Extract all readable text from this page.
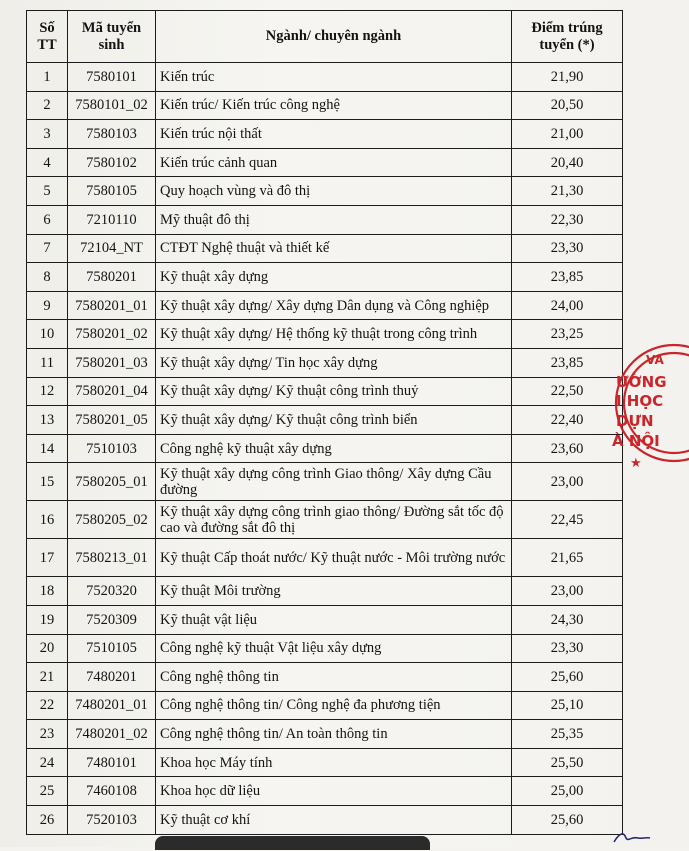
Số TT	Mã tuyển sinh	Ngành/ chuyên ngành	Điểm trúng tuyển (*)
1	7580101	Kiến trúc	21,90
2	7580101_02	Kiến trúc/ Kiến trúc công nghệ	20,50
3	7580103	Kiến trúc nội thất	21,00
4	7580102	Kiến trúc cảnh quan	20,40
5	7580105	Quy hoạch vùng và đô thị	21,30
6	7210110	Mỹ thuật đô thị	22,30
7	72104_NT	CTĐT Nghệ thuật và thiết kế	23,30
8	7580201	Kỹ thuật xây dựng	23,85
9	7580201_01	Kỹ thuật xây dựng/ Xây dựng Dân dụng và Công nghiệp	24,00
10	7580201_02	Kỹ thuật xây dựng/ Hệ thống kỹ thuật trong công trình	23,25
11	7580201_03	Kỹ thuật xây dựng/ Tin học xây dựng	23,85
12	7580201_04	Kỹ thuật xây dựng/ Kỹ thuật công trình thuỷ	22,50
13	7580201_05	Kỹ thuật xây dựng/ Kỹ thuật công trình biển	22,40
14	7510103	Công nghệ kỹ thuật xây dựng	23,60
15	7580205_01	Kỹ thuật xây dựng công trình Giao thông/ Xây dựng Cầu đường	23,00
16	7580205_02	Kỹ thuật xây dựng công trình giao thông/ Đường sắt tốc độ cao và đường sắt đô thị	22,45
17	7580213_01	Kỹ thuật Cấp thoát nước/ Kỹ thuật nước - Môi trường nước	21,65
18	7520320	Kỹ thuật Môi trường	23,00
19	7520309	Kỹ thuật vật liệu	24,30
20	7510105	Công nghệ kỹ thuật Vật liệu xây dựng	23,30
21	7480201	Công nghệ thông tin	25,60
22	7480201_01	Công nghệ thông tin/ Công nghệ đa phương tiện	25,10
23	7480201_02	Công nghệ thông tin/ An toàn thông tin	25,35
24	7480101	Khoa học Máy tính	25,50
25	7460108	Khoa học dữ liệu	25,00
26	7520103	Kỹ thuật cơ khí	25,60
VA
ƯỜNG
I HỌC
DỰN
À NỘI
★
